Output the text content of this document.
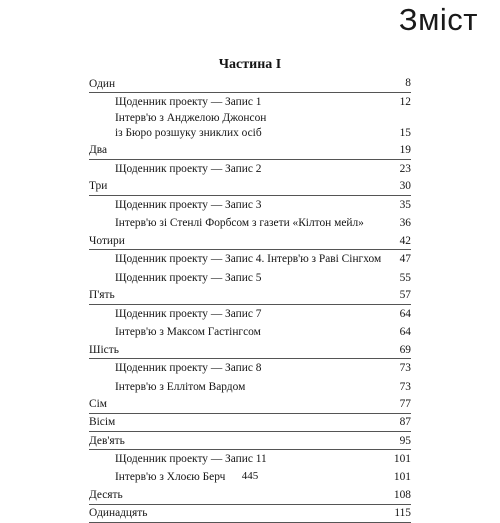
Зміст
Частина І
Один	8
Щоденник проекту — Запис 1	12
Інтерв'ю з Анджелою Джонсон
із Бюро розшуку зниклих осіб	15
Два	19
Щоденник проекту — Запис 2	23
Три	30
Щоденник проекту — Запис 3	35
Інтерв'ю зі Стенлі Форбсом з газети «Кілтон мейл»	36
Чотири	42
Щоденник проекту — Запис 4. Інтерв'ю з Раві Сінгхом 47
Щоденник проекту — Запис 5	55
П'ять	57
Щоденник проекту — Запис 7	64
Інтерв'ю з Максом Гастінгсом	64
Шість	69
Щоденник проекту — Запис 8	73
Інтерв'ю з Еллітом Вардом	73
Сім	77
Вісім	87
Дев'ять	95
Щоденник проекту — Запис 11	101
Інтерв'ю з Хлоєю Берч	101
Десять	108
Одинадцять	115
445
